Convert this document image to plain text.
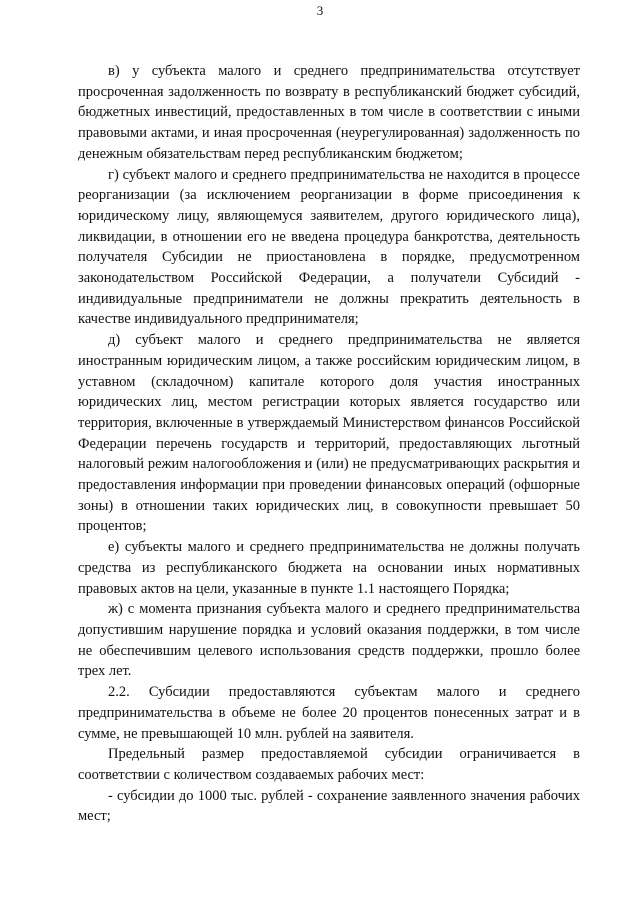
3

в) у субъекта малого и среднего предпринимательства отсутствует просроченная задолженность по возврату в республиканский бюджет субсидий, бюджетных инвестиций, предоставленных в том числе в соответствии с иными правовыми актами, и иная просроченная (неурегулированная) задолженность по денежным обязательствам перед республиканским бюджетом;

г) субъект малого и среднего предпринимательства не находится в процессе реорганизации (за исключением реорганизации в форме присоединения к юридическому лицу, являющемуся заявителем, другого юридического лица), ликвидации, в отношении его не введена процедура банкротства, деятельность получателя Субсидии не приостановлена в порядке, предусмотренном законодательством Российской Федерации, а получатели Субсидий - индивидуальные предприниматели не должны прекратить деятельность в качестве индивидуального предпринимателя;

д) субъект малого и среднего предпринимательства не является иностранным юридическим лицом, а также российским юридическим лицом, в уставном (складочном) капитале которого доля участия иностранных юридических лиц, местом регистрации которых является государство или территория, включенные в утверждаемый Министерством финансов Российской Федерации перечень государств и территорий, предоставляющих льготный налоговый режим налогообложения и (или) не предусматривающих раскрытия и предоставления информации при проведении финансовых операций (офшорные зоны) в отношении таких юридических лиц, в совокупности превышает 50 процентов;

е) субъекты малого и среднего предпринимательства не должны получать средства из республиканского бюджета на основании иных нормативных правовых актов на цели, указанные в пункте 1.1 настоящего Порядка;

ж) с момента признания субъекта малого и среднего предпринимательства допустившим нарушение порядка и условий оказания поддержки, в том числе не обеспечившим целевого использования средств поддержки, прошло более трех лет.

2.2. Субсидии предоставляются субъектам малого и среднего предпринимательства в объеме не более 20 процентов понесенных затрат и в сумме, не превышающей 10 млн. рублей на заявителя.

Предельный размер предоставляемой субсидии ограничивается в соответствии с количеством создаваемых рабочих мест:

- субсидии до 1000 тыс. рублей - сохранение заявленного значения рабочих мест;
